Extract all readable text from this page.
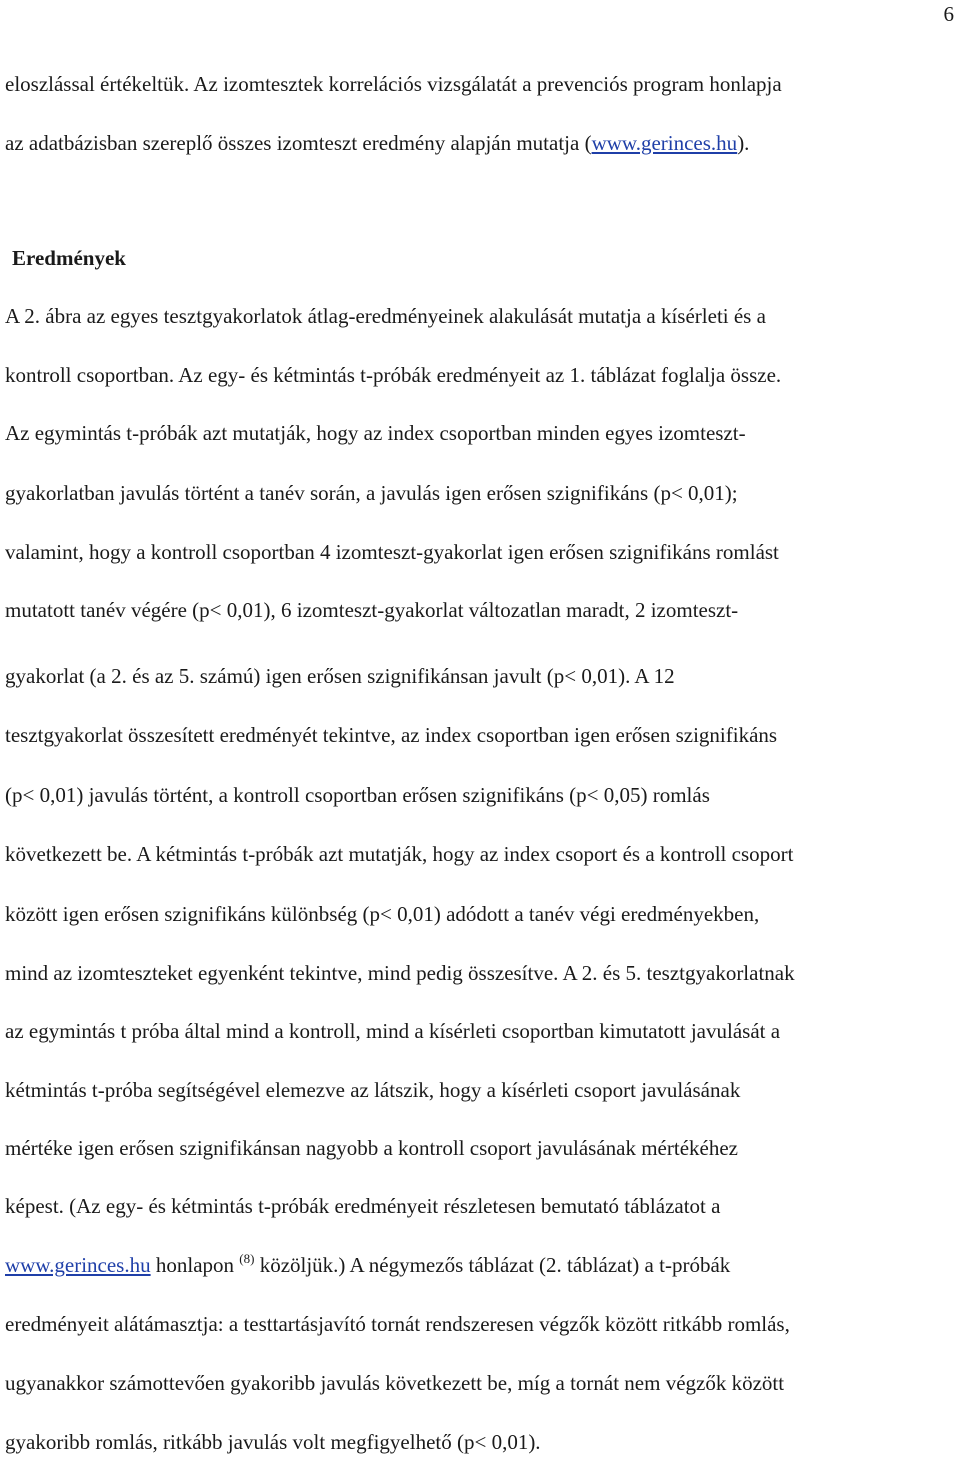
6
eloszlással értékeltük. Az izomtesztek korrelációs vizsgálatát a prevenciós program honlapja
az adatbázisban szereplő összes izomteszt eredmény alapján mutatja (www.gerinces.hu).
Eredmények
A 2. ábra az egyes tesztgyakorlatok átlag-eredményeinek alakulását mutatja a kísérleti és a
kontroll csoportban. Az egy- és kétmintás t-próbák eredményeit az 1. táblázat foglalja össze.
Az egymintás t-próbák azt mutatják, hogy az index csoportban minden egyes izomteszt-
gyakorlatban javulás történt a tanév során, a javulás igen erősen szignifikáns (p< 0,01);
valamint, hogy a kontroll csoportban 4 izomteszt-gyakorlat igen erősen szignifikáns romlást
mutatott tanév végére (p< 0,01), 6 izomteszt-gyakorlat változatlan maradt, 2 izomteszt-
gyakorlat (a 2. és az 5. számú) igen erősen szignifikánsan javult (p< 0,01). A 12
tesztgyakorlat összesített eredményét tekintve, az index csoportban igen erősen szignifikáns
(p< 0,01) javulás történt, a kontroll csoportban erősen szignifikáns (p< 0,05) romlás
következett be. A kétmintás t-próbák azt mutatják, hogy az index csoport és a kontroll csoport
között igen erősen szignifikáns különbség (p< 0,01) adódott a tanév végi eredményekben,
mind az izomteszteket egyenként tekintve, mind pedig összesítve. A 2. és 5. tesztgyakorlatnak
az egymintás t próba által mind a kontroll, mind a kísérleti csoportban kimutatott javulását a
kétmintás t-próba segítségével elemezve az látszik, hogy a kísérleti csoport javulásának
mértéke igen erősen szignifikánsan nagyobb a kontroll csoport javulásának mértékéhez
képest. (Az egy- és kétmintás t-próbák eredményeit részletesen bemutató táblázatot a
www.gerinces.hu honlapon $^{(8)}$ közöljük.) A négymezős táblázat (2. táblázat) a t-próbák
eredményeit alátámasztja: a testtartásjavító tornát rendszeresen végzők között ritkább romlás,
ugyanakkor számottevően gyakoribb javulás következett be, míg a tornát nem végzők között
gyakoribb romlás, ritkább javulás volt megfigyelhető (p< 0,01).
